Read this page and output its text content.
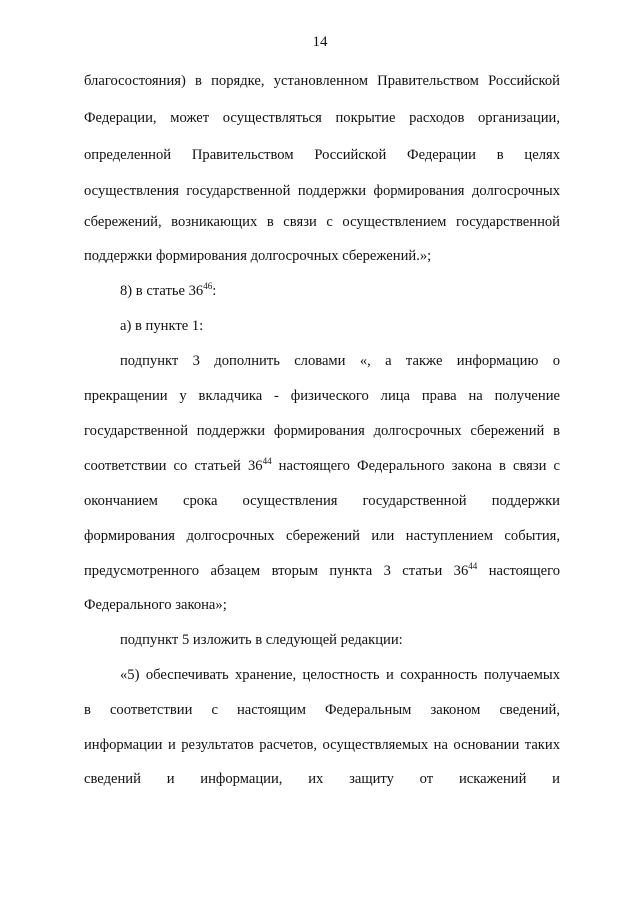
14
благосостояния) в порядке, установленном Правительством Российской
Федерации, может осуществляться покрытие расходов организации,
определенной Правительством Российской Федерации в целях
осуществления государственной поддержки формирования долгосрочных
сбережений, возникающих в связи с осуществлением государственной
поддержки формирования долгосрочных сбережений.»;
8) в статье $36^{46}$:
а) в пункте 1:
подпункт 3 дополнить словами «, а также информацию о
прекращении у вкладчика - физического лица права на получение
государственной поддержки формирования долгосрочных сбережений в
соответствии со статьей $36^{44}$ настоящего Федерального закона в связи с
окончанием срока осуществления государственной поддержки
формирования долгосрочных сбережений или наступлением события,
предусмотренного абзацем вторым пункта 3 статьи $36^{44}$ настоящего
Федерального закона»;
подпункт 5 изложить в следующей редакции:
«5) обеспечивать хранение, целостность и сохранность получаемых
в соответствии с настоящим Федеральным законом сведений,
информации и результатов расчетов, осуществляемых на основании таких
сведений и информации, их защиту от искажений и
